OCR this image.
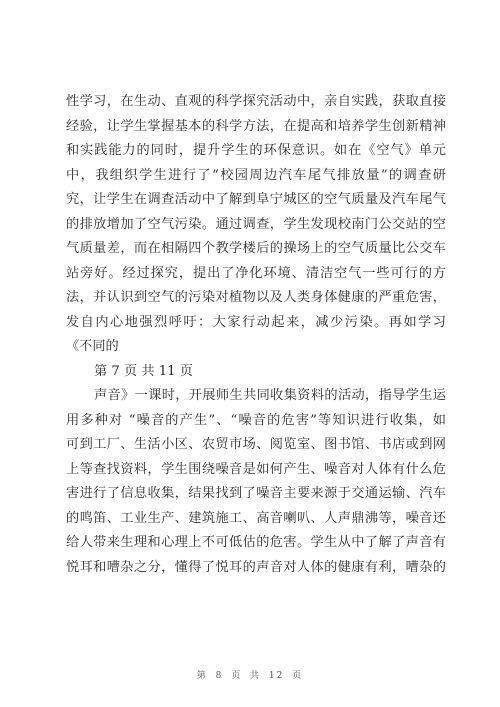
性学习，在生动、直观的科学探究活动中，亲自实践，获取直接
经验，让学生掌握基本的科学方法，在提高和培养学生创新精神
和实践能力的同时，提升学生的环保意识。如在《空气》单元
中，我组织学生进行了“校园周边汽车尾气排放量”的调查研
究，让学生在调查活动中了解到阜宁城区的空气质量及汽车尾气
的排放增加了空气污染。通过调查，学生发现校南门公交站的空
气质量差，而在相隔四个教学楼后的操场上的空气质量比公交车
站旁好。经过探究，提出了净化环境、清洁空气一些可行的方
法，并认识到空气的污染对植物以及人类身体健康的严重危害，
发自内心地强烈呼吁：大家行动起来，减少污染。再如学习
《不同的
第 7 页 共 11 页
声音》一课时，开展师生共同收集资料的活动，指导学生运
用多种对 “噪音的产生”、“噪音的危害”等知识进行收集，如
可到工厂、生活小区、农贸市场、阅览室、图书馆、书店或到网
上等查找资料，学生围绕噪音是如何产生、噪音对人体有什么危
害进行了信息收集，结果找到了噪音主要来源于交通运输、汽车
的鸣笛、工业生产、建筑施工、高音喇叭、人声鼎沸等，噪音还
给人带来生理和心理上不可低估的危害。学生从中了解了声音有
悦耳和嘈杂之分，懂得了悦耳的声音对人体的健康有利，嘈杂的
第 8 页 共 12 页
